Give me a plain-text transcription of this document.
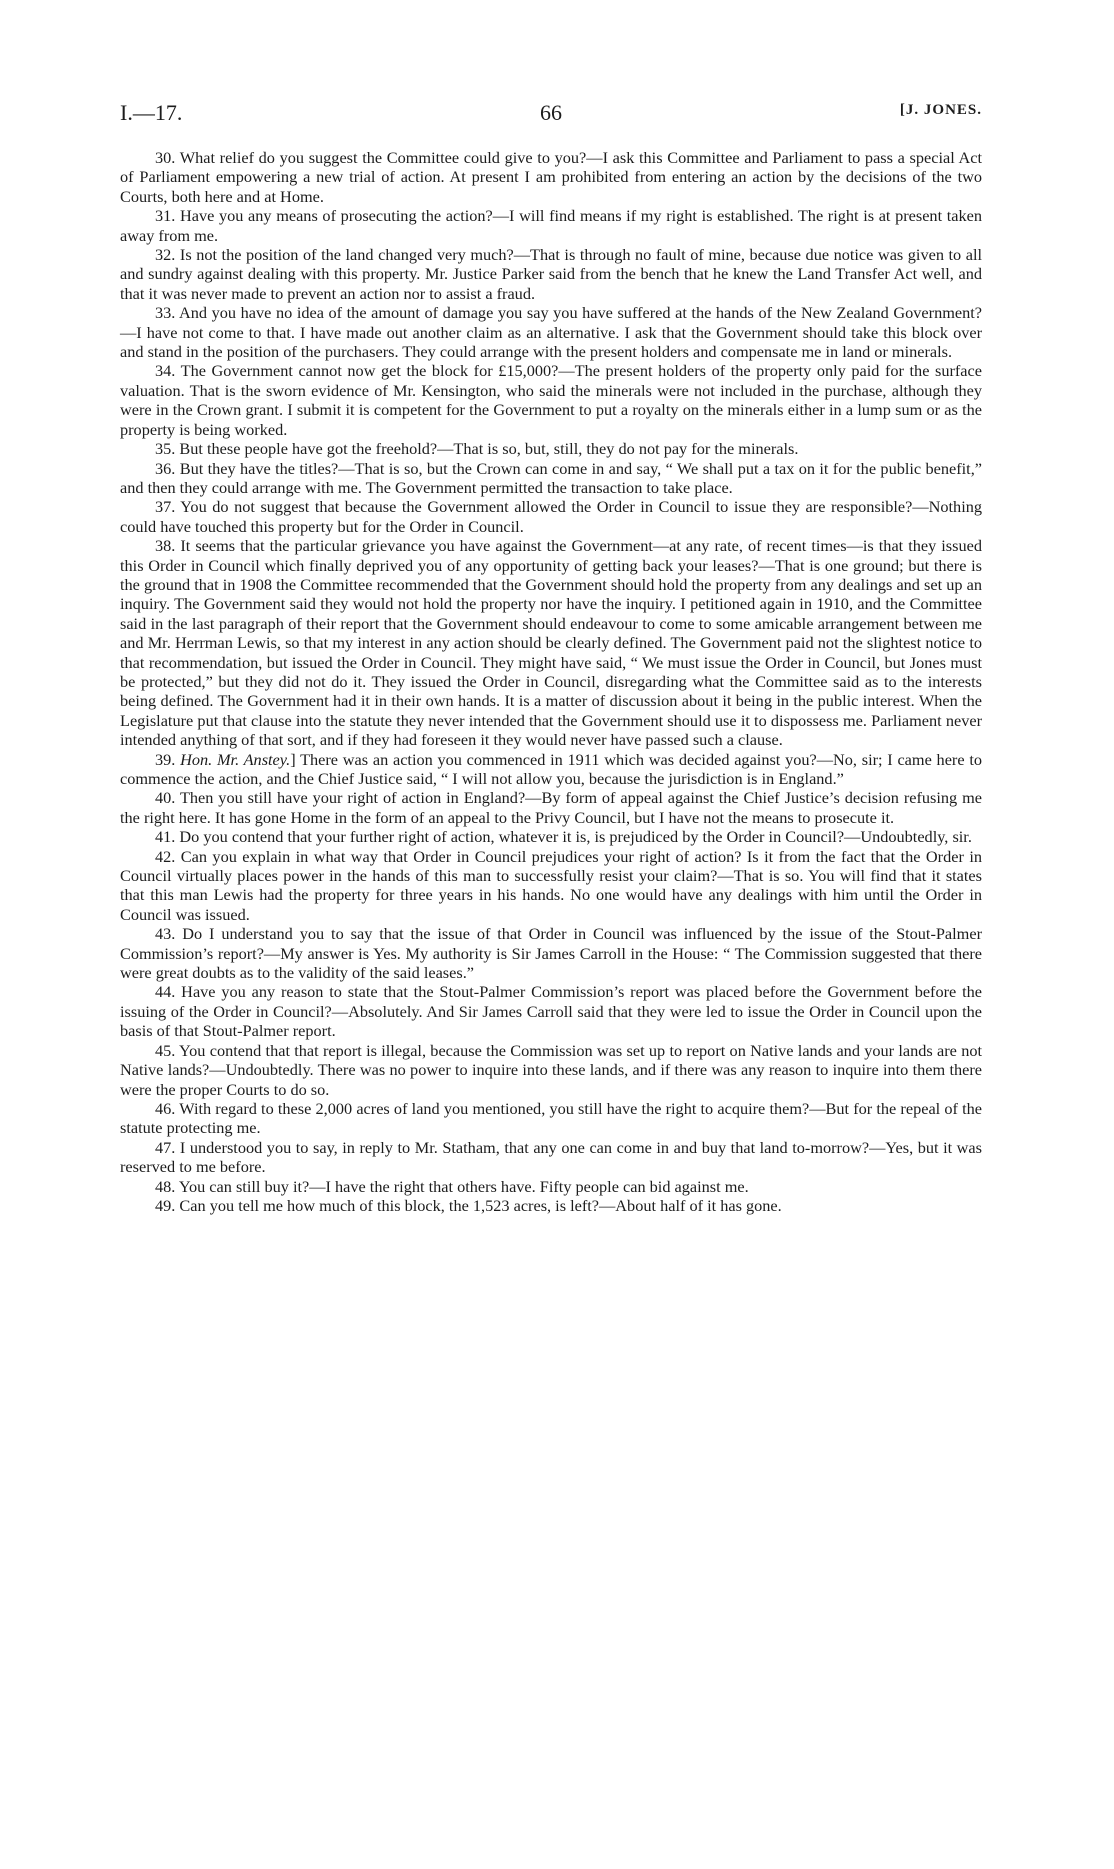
I.—17.	66	[J. JONES.

30. What relief do you suggest the Committee could give to you?—I ask this Committee and Parliament to pass a special Act of Parliament empowering a new trial of action. At present I am prohibited from entering an action by the decisions of the two Courts, both here and at Home.

31. Have you any means of prosecuting the action?—I will find means if my right is established. The right is at present taken away from me.

32. Is not the position of the land changed very much?—That is through no fault of mine, because due notice was given to all and sundry against dealing with this property. Mr. Justice Parker said from the bench that he knew the Land Transfer Act well, and that it was never made to prevent an action nor to assist a fraud.

33. And you have no idea of the amount of damage you say you have suffered at the hands of the New Zealand Government?—I have not come to that. I have made out another claim as an alternative. I ask that the Government should take this block over and stand in the position of the purchasers. They could arrange with the present holders and compensate me in land or minerals.

34. The Government cannot now get the block for £15,000?—The present holders of the property only paid for the surface valuation. That is the sworn evidence of Mr. Kensington, who said the minerals were not included in the purchase, although they were in the Crown grant. I submit it is competent for the Government to put a royalty on the minerals either in a lump sum or as the property is being worked.

35. But these people have got the freehold?—That is so, but, still, they do not pay for the minerals.

36. But they have the titles?—That is so, but the Crown can come in and say, “ We shall put a tax on it for the public benefit,” and then they could arrange with me. The Government permitted the transaction to take place.

37. You do not suggest that because the Government allowed the Order in Council to issue they are responsible?—Nothing could have touched this property but for the Order in Council.

38. It seems that the particular grievance you have against the Government—at any rate, of recent times—is that they issued this Order in Council which finally deprived you of any opportunity of getting back your leases?—That is one ground; but there is the ground that in 1908 the Committee recommended that the Government should hold the property from any dealings and set up an inquiry. The Government said they would not hold the property nor have the inquiry. I petitioned again in 1910, and the Committee said in the last paragraph of their report that the Government should endeavour to come to some amicable arrangement between me and Mr. Herrman Lewis, so that my interest in any action should be clearly defined. The Government paid not the slightest notice to that recommendation, but issued the Order in Council. They might have said, “ We must issue the Order in Council, but Jones must be protected,” but they did not do it. They issued the Order in Council, disregarding what the Committee said as to the interests being defined. The Government had it in their own hands. It is a matter of discussion about it being in the public interest. When the Legislature put that clause into the statute they never intended that the Government should use it to dispossess me. Parliament never intended anything of that sort, and if they had foreseen it they would never have passed such a clause.

39. Hon. Mr. Anstey.] There was an action you commenced in 1911 which was decided against you?—No, sir; I came here to commence the action, and the Chief Justice said, “ I will not allow you, because the jurisdiction is in England.”

40. Then you still have your right of action in England?—By form of appeal against the Chief Justice’s decision refusing me the right here. It has gone Home in the form of an appeal to the Privy Council, but I have not the means to prosecute it.

41. Do you contend that your further right of action, whatever it is, is prejudiced by the Order in Council?—Undoubtedly, sir.

42. Can you explain in what way that Order in Council prejudices your right of action? Is it from the fact that the Order in Council virtually places power in the hands of this man to successfully resist your claim?—That is so. You will find that it states that this man Lewis had the property for three years in his hands. No one would have any dealings with him until the Order in Council was issued.

43. Do I understand you to say that the issue of that Order in Council was influenced by the issue of the Stout-Palmer Commission’s report?—My answer is Yes. My authority is Sir James Carroll in the House: “ The Commission suggested that there were great doubts as to the validity of the said leases.”

44. Have you any reason to state that the Stout-Palmer Commission’s report was placed before the Government before the issuing of the Order in Council?—Absolutely. And Sir James Carroll said that they were led to issue the Order in Council upon the basis of that Stout-Palmer report.

45. You contend that that report is illegal, because the Commission was set up to report on Native lands and your lands are not Native lands?—Undoubtedly. There was no power to inquire into these lands, and if there was any reason to inquire into them there were the proper Courts to do so.

46. With regard to these 2,000 acres of land you mentioned, you still have the right to acquire them?—But for the repeal of the statute protecting me.

47. I understood you to say, in reply to Mr. Statham, that any one can come in and buy that land to-morrow?—Yes, but it was reserved to me before.

48. You can still buy it?—I have the right that others have. Fifty people can bid against me.

49. Can you tell me how much of this block, the 1,523 acres, is left?—About half of it has gone.
